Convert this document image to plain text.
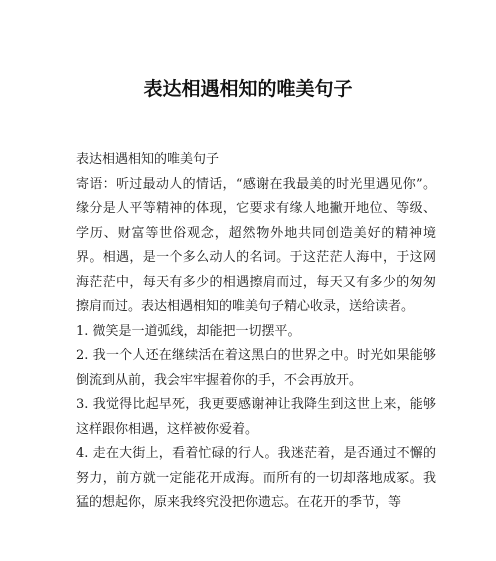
表达相遇相知的唯美句子

表达相遇相知的唯美句子

寄语：听过最动人的情话，“感谢在我最美的时光里遇见你”。缘分是人平等精神的体现，它要求有缘人地撇开地位、等级、学历、财富等世俗观念，超然物外地共同创造美好的精神境界。相遇，是一个多么动人的名词。于这茫茫人海中，于这网海茫茫中，每天有多少的相遇擦肩而过，每天又有多少的匆匆擦肩而过。表达相遇相知的唯美句子精心收录，送给读者。

1. 微笑是一道弧线，却能把一切摆平。

2. 我一个人还在继续活在着这黑白的世界之中。时光如果能够倒流到从前，我会牢牢握着你的手，不会再放开。

3. 我觉得比起早死，我更要感谢神让我降生到这世上来，能够这样跟你相遇，这样被你爱着。

4. 走在大街上，看着忙碌的行人。我迷茫着，是否通过不懈的努力，前方就一定能花开成海。而所有的一切却落地成冢。我猛的想起你，原来我终究没把你遗忘。在花开的季节，等
